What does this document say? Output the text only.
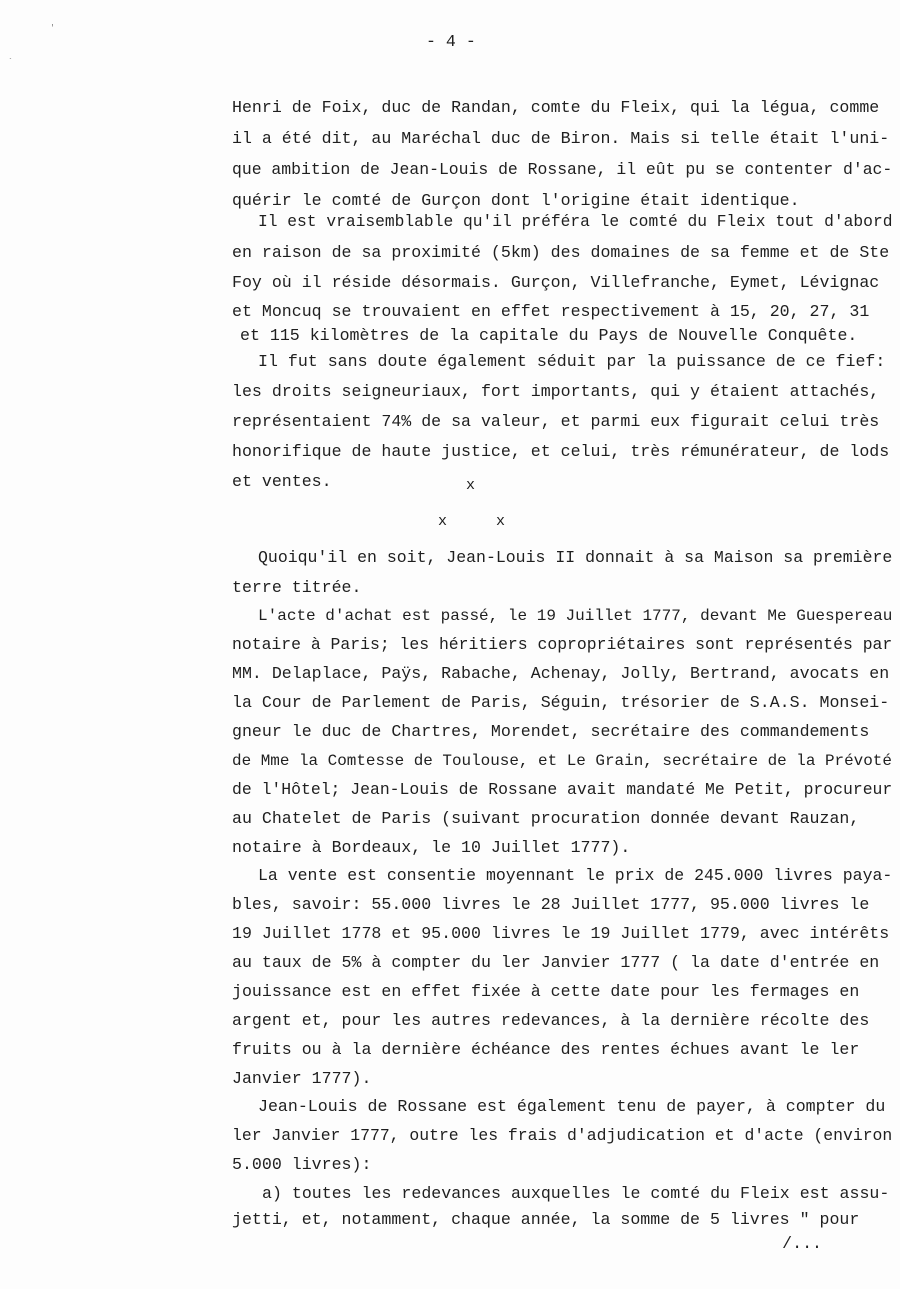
'
`
- 4 -
Henri de Foix, duc de Randan, comte du Fleix, qui la légua, comme
il a été dit, au Maréchal duc de Biron. Mais si telle était l'uni-
que ambition de Jean-Louis de Rossane, il eût pu se contenter d'ac-
quérir le comté de Gurçon dont l'origine était identique.
Il est vraisemblable qu'il préféra le comté du Fleix tout d'abord
en raison de sa proximité (5km) des domaines de sa femme et de Ste
Foy où il réside désormais. Gurçon, Villefranche, Eymet, Lévignac
et Moncuq se trouvaient en effet respectivement à 15, 20, 27, 31
et 115 kilomètres de la capitale du Pays de Nouvelle Conquête.
Il fut sans doute également séduit par la puissance de ce fief:
les droits seigneuriaux, fort importants, qui y étaient attachés,
représentaient 74% de sa valeur, et parmi eux figurait celui très
honorifique de haute justice, et celui, très rémunérateur, de lods
et ventes.	x
x	x
Quoiqu'il en soit, Jean-Louis II donnait à sa Maison sa première
terre titrée.
L'acte d'achat est passé, le 19 Juillet 1777, devant Me Guespereau
notaire à Paris; les héritiers copropriétaires sont représentés par
MM. Delaplace, Paÿs, Rabache, Achenay, Jolly, Bertrand, avocats en
la Cour de Parlement de Paris, Séguin, trésorier de S.A.S. Monsei-
gneur le duc de Chartres, Morendet, secrétaire des commandements
de Mme la Comtesse de Toulouse, et Le Grain, secrétaire de la Prévoté
de l'Hôtel; Jean-Louis de Rossane avait mandaté Me Petit, procureur
au Chatelet de Paris (suivant procuration donnée devant Rauzan,
notaire à Bordeaux, le 10 Juillet 1777).
La vente est consentie moyennant le prix de 245.000 livres paya-
bles, savoir: 55.000 livres le 28 Juillet 1777, 95.000 livres le
19 Juillet 1778 et 95.000 livres le 19 Juillet 1779, avec intérêts
au taux de 5% à compter du ler Janvier 1777 ( la date d'entrée en
jouissance est en effet fixée à cette date pour les fermages en
argent et, pour les autres redevances, à la dernière récolte des
fruits ou à la dernière échéance des rentes échues avant le ler
Janvier 1777).
Jean-Louis de Rossane est également tenu de payer, à compter du
ler Janvier 1777, outre les frais d'adjudication et d'acte (environ
5.000 livres):
a) toutes les redevances auxquelles le comté du Fleix est assu-
jetti, et, notamment, chaque année, la somme de 5 livres " pour
/...
